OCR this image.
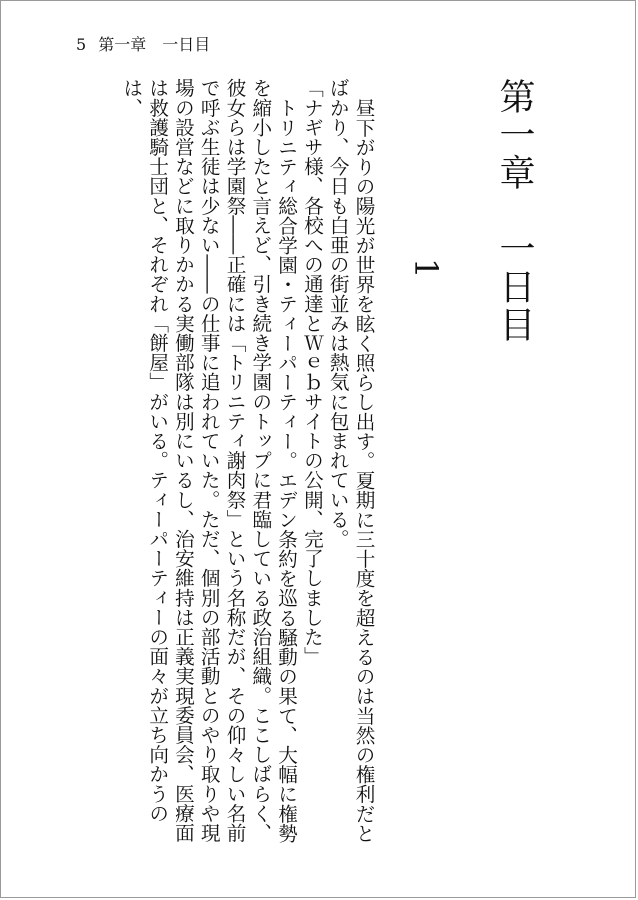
5 第一章 一日目
第一章　一日目
1

昼下がりの陽光が世界を眩く照らし出す。夏期に三十度を超えるのは当然の権利だとばかり、今日も白亜の街並みは熱気に包まれている。

「ナギサ様、各校への通達とＷｅｂサイトの公開、完了しました」

トリニティ総合学園・ティーパーティー。エデン条約を巡る騒動の果て、大幅に権勢を縮小したと言えど、引き続き学園のトップに君臨している政治組織。ここしばらく、彼女らは学園祭――正確には「トリニティ謝肉祭」という名称だが、その仰々しい名前で呼ぶ生徒は少ない――の仕事に追われていた。ただ、個別の部活動とのやり取りや現場の設営などに取りかかる実働部隊は別にいるし、治安維持は正義実現委員会、医療面は救護騎士団と、それぞれ「餅屋」がいる。ティーパーティーの面々が立ち向かうのは、
